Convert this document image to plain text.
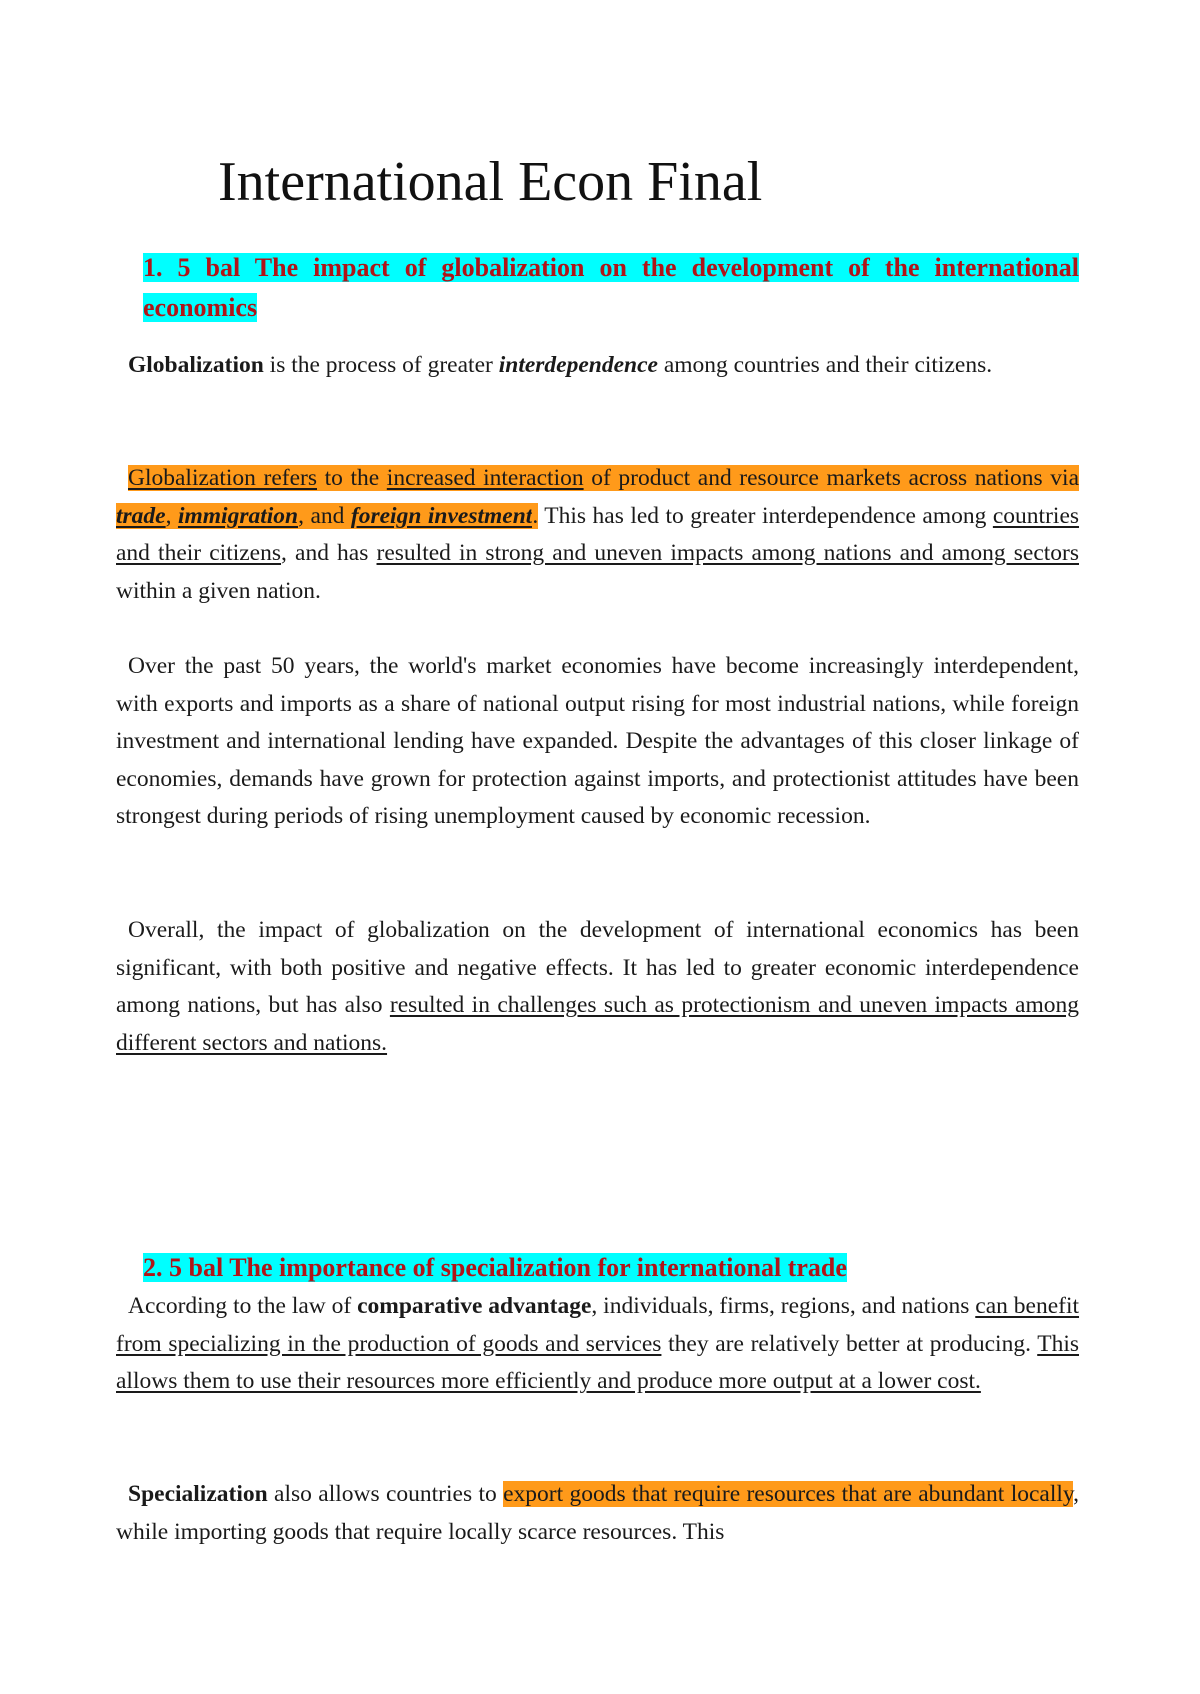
International Econ Final
1. 5 bal The impact of globalization on the development of the international economics
Globalization is the process of greater interdependence among countries and their citizens.
Globalization refers to the increased interaction of product and resource markets across nations via trade, immigration, and foreign investment. This has led to greater interdependence among countries and their citizens, and has resulted in strong and uneven impacts among nations and among sectors within a given nation.
Over the past 50 years, the world's market economies have become increasingly interdependent, with exports and imports as a share of national output rising for most industrial nations, while foreign investment and international lending have expanded. Despite the advantages of this closer linkage of economies, demands have grown for protection against imports, and protectionist attitudes have been strongest during periods of rising unemployment caused by economic recession.
Overall, the impact of globalization on the development of international economics has been significant, with both positive and negative effects. It has led to greater economic interdependence among nations, but has also resulted in challenges such as protectionism and uneven impacts among different sectors and nations.
2. 5 bal The importance of specialization for international trade
According to the law of comparative advantage, individuals, firms, regions, and nations can benefit from specializing in the production of goods and services they are relatively better at producing. This allows them to use their resources more efficiently and produce more output at a lower cost.
Specialization also allows countries to export goods that require resources that are abundant locally, while importing goods that require locally scarce resources. This
